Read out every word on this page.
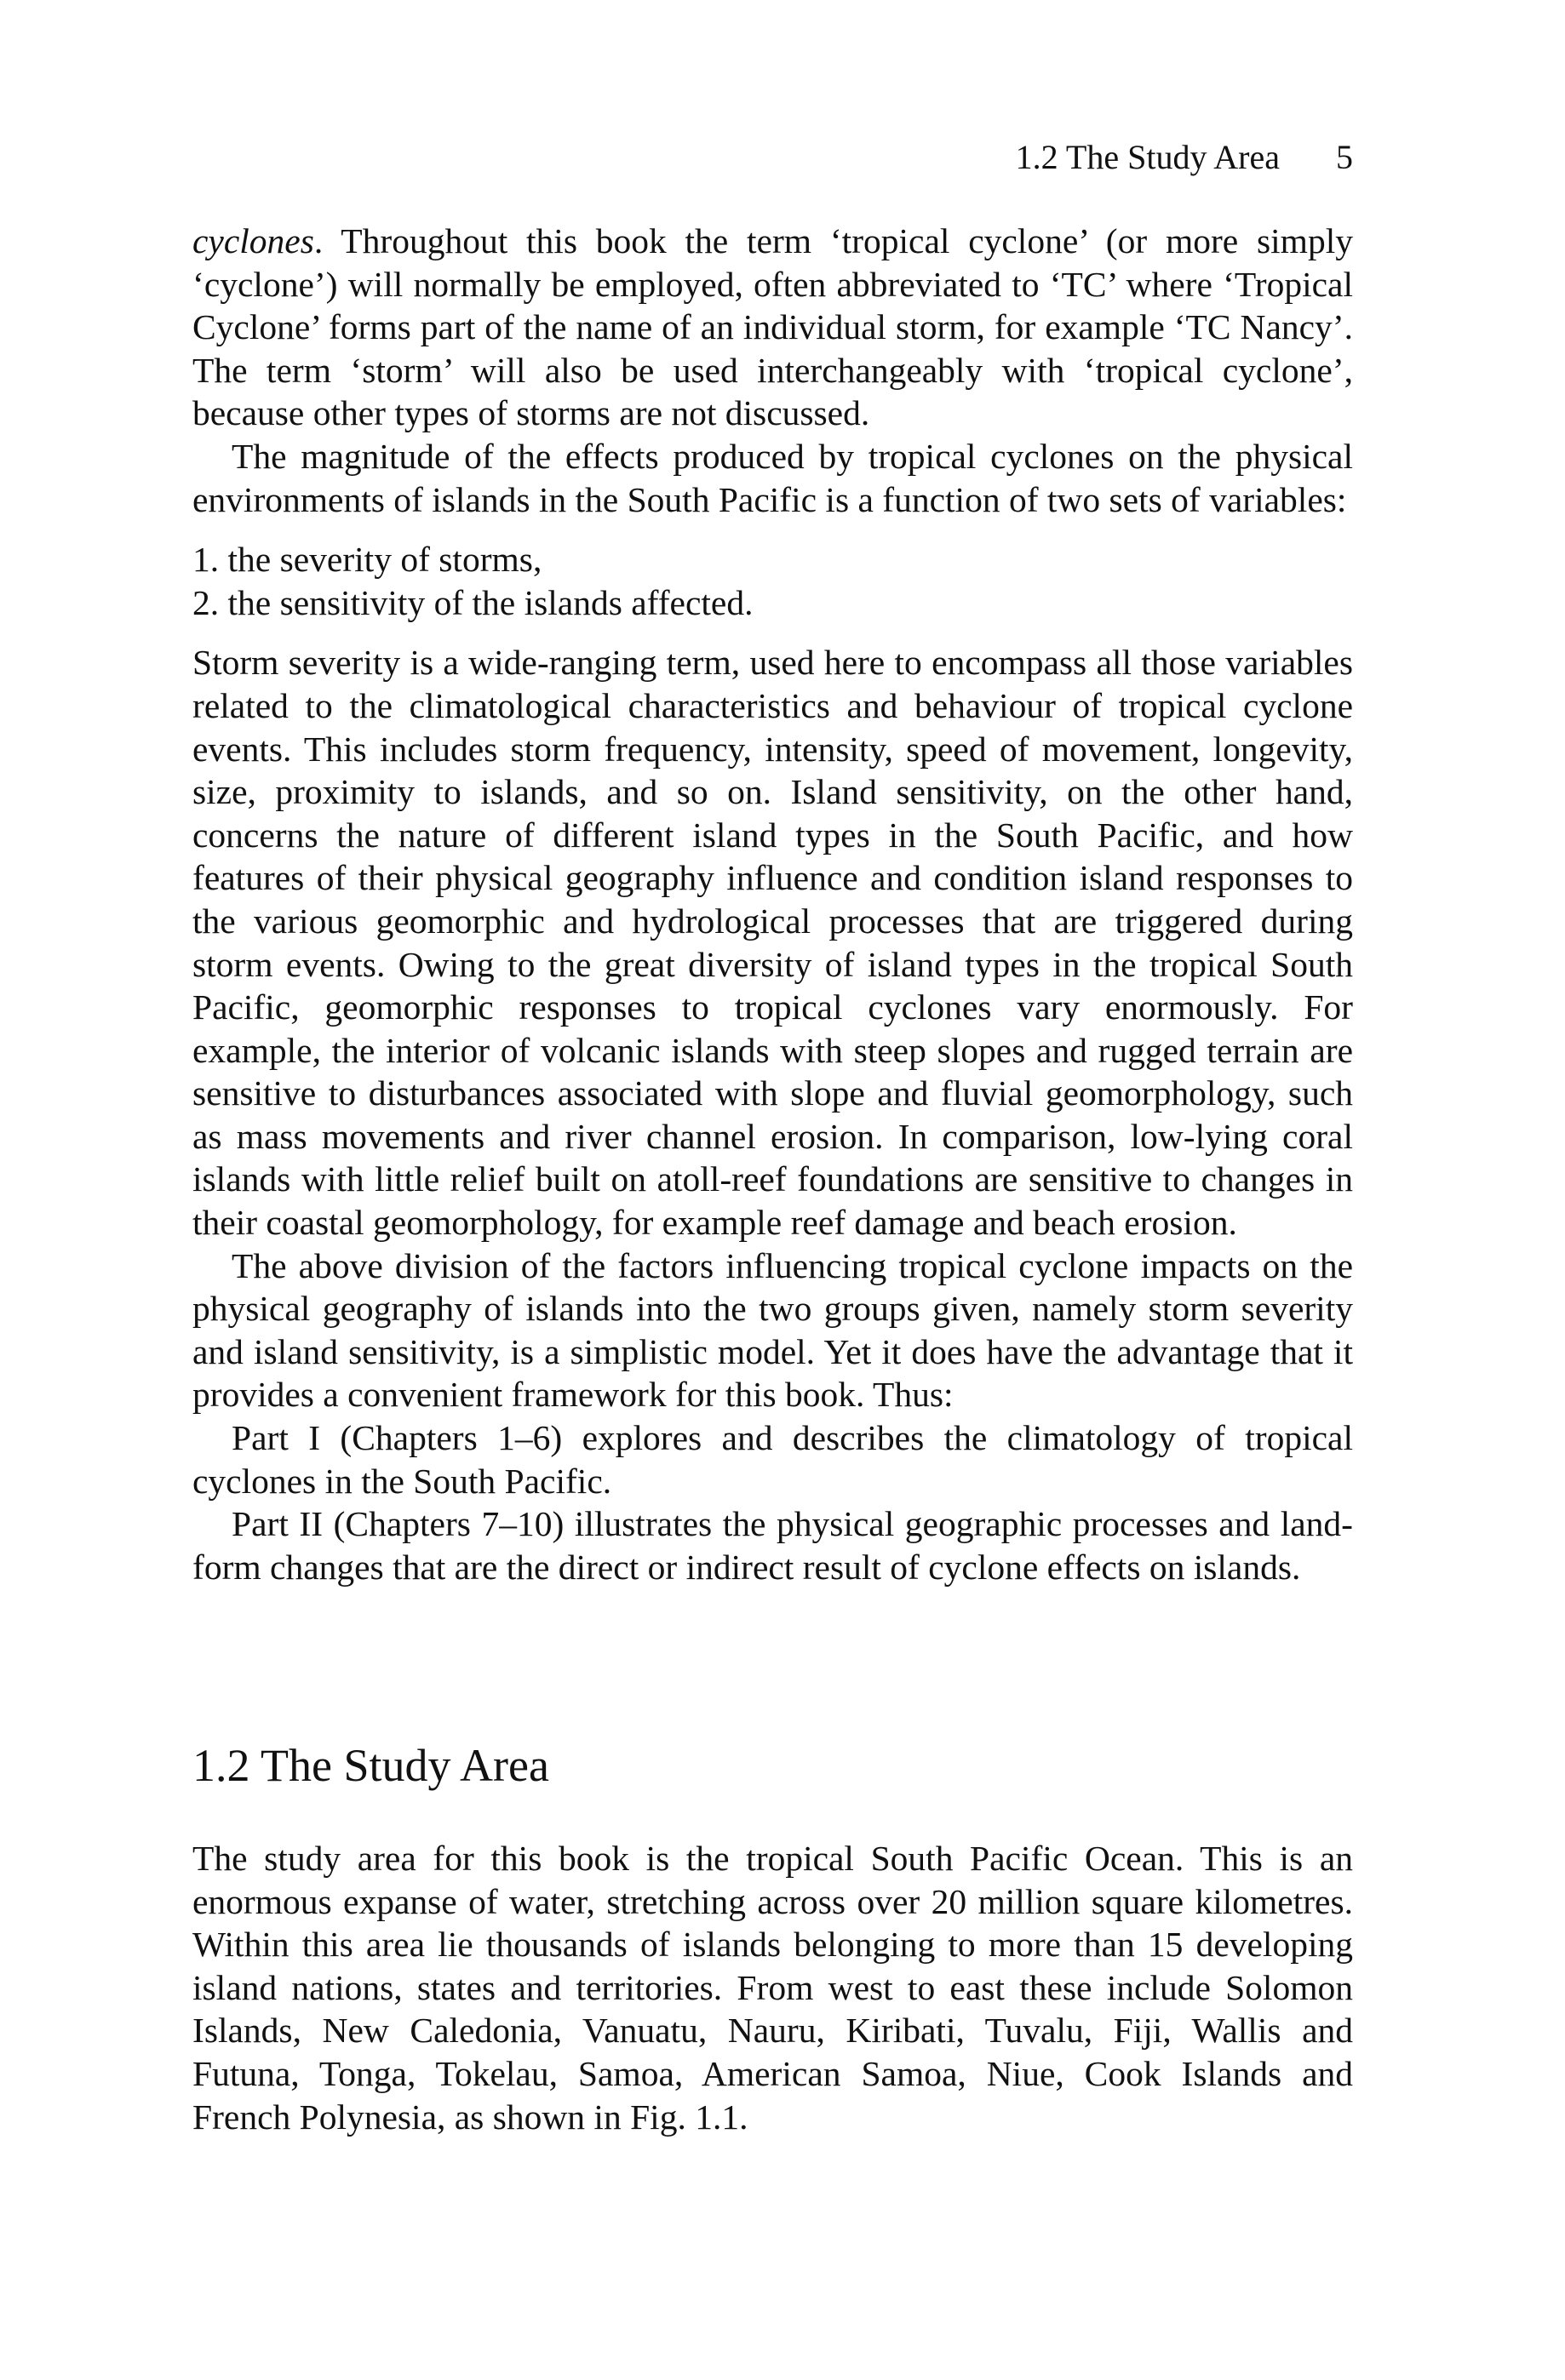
1.2 The Study Area 5

cyclones. Throughout this book the term ‘tropical cyclone’ (or more simply ‘cyclone’) will normally be employed, often abbreviated to ‘TC’ where ‘Tropical Cyclone’ forms part of the name of an individual storm, for example ‘TC Nancy’. The term ‘storm’ will also be used interchangeably with ‘tropical cyclone’, because other types of storms are not discussed.

The magnitude of the effects produced by tropical cyclones on the physical environments of islands in the South Pacific is a function of two sets of variables:

1. the severity of storms,
2. the sensitivity of the islands affected.

Storm severity is a wide-ranging term, used here to encompass all those variables related to the climatological characteristics and behaviour of tropical cyclone events. This includes storm frequency, intensity, speed of movement, longevity, size, proximity to islands, and so on. Island sensitivity, on the other hand, concerns the nature of different island types in the South Pacific, and how features of their physical geography influence and condition island responses to the various geomorphic and hydrological processes that are triggered during storm events. Owing to the great diversity of island types in the tropical South Pacific, geomorphic responses to tropical cyclones vary enormously. For example, the interior of volcanic islands with steep slopes and rugged terrain are sensitive to disturbances associated with slope and fluvial geomorphology, such as mass movements and river channel erosion. In comparison, low-lying coral islands with little relief built on atoll-reef foundations are sensitive to changes in their coastal geomorphology, for example reef damage and beach erosion.

The above division of the factors influencing tropical cyclone impacts on the physical geography of islands into the two groups given, namely storm severity and island sensitivity, is a simplistic model. Yet it does have the advantage that it provides a convenient framework for this book. Thus:

Part I (Chapters 1–6) explores and describes the climatology of tropical cyclones in the South Pacific.

Part II (Chapters 7–10) illustrates the physical geographic processes and landform changes that are the direct or indirect result of cyclone effects on islands.

1.2 The Study Area

The study area for this book is the tropical South Pacific Ocean. This is an enormous expanse of water, stretching across over 20 million square kilometres. Within this area lie thousands of islands belonging to more than 15 developing island nations, states and territories. From west to east these include Solomon Islands, New Caledonia, Vanuatu, Nauru, Kiribati, Tuvalu, Fiji, Wallis and Futuna, Tonga, Tokelau, Samoa, American Samoa, Niue, Cook Islands and French Polynesia, as shown in Fig. 1.1.
